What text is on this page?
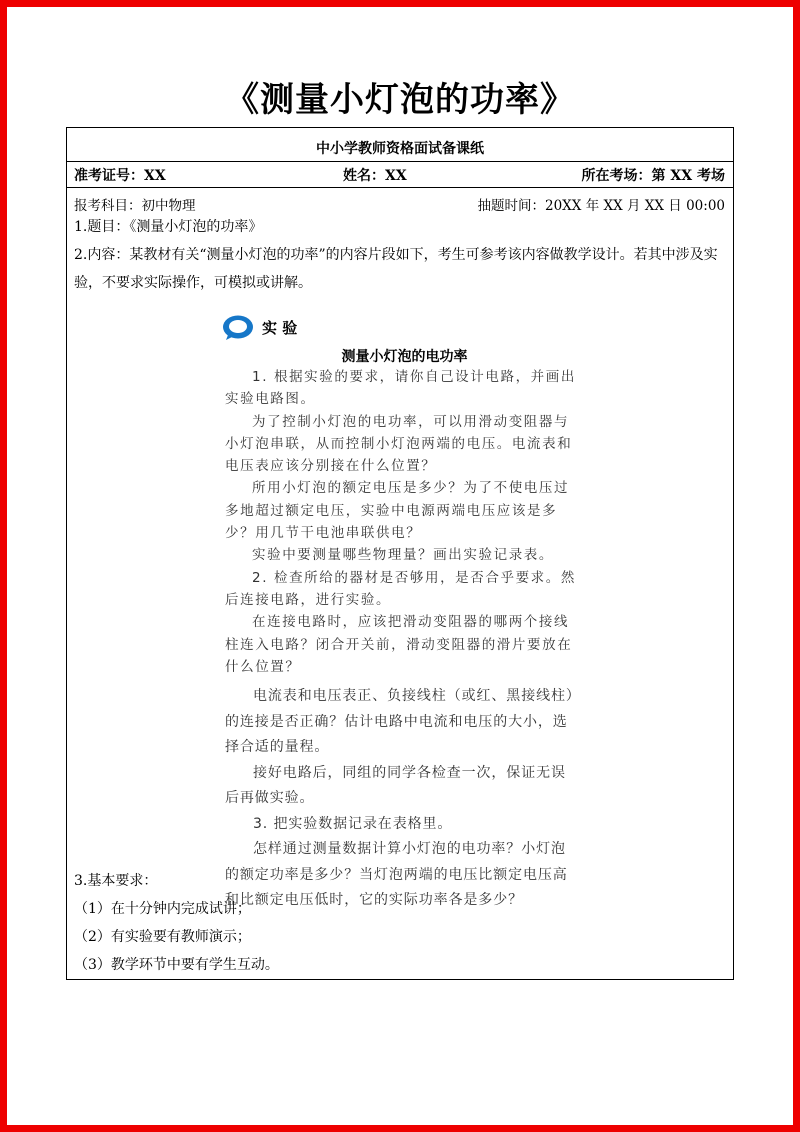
《测量小灯泡的功率》
中小学教师资格面试备课纸
准考证号：XX	姓名：XX	所在考场：第 XX 考场
报考科目：初中物理	抽题时间：20XX 年 XX 月 XX 日 00:00
1.题目：《测量小灯泡的功率》
2.内容：某教材有关“测量小灯泡的功率”的内容片段如下，考生可参考该内容做教学设计。若其中涉及实验，不要求实际操作，可模拟或讲解。
实 验
测量小灯泡的电功率

1. 根据实验的要求，请你自己设计电路，并画出实验电路图。

为了控制小灯泡的电功率，可以用滑动变阻器与小灯泡串联，从而控制小灯泡两端的电压。电流表和电压表应该分别接在什么位置？

所用小灯泡的额定电压是多少？为了不使电压过多地超过额定电压，实验中电源两端电压应该是多少？用几节干电池串联供电？

实验中要测量哪些物理量？画出实验记录表。

2. 检查所给的器材是否够用，是否合乎要求。然后连接电路，进行实验。

在连接电路时，应该把滑动变阻器的哪两个接线柱连入电路？闭合开关前，滑动变阻器的滑片要放在什么位置？

电流表和电压表正、负接线柱（或红、黑接线柱）的连接是否正确？估计电路中电流和电压的大小，选择合适的量程。

接好电路后，同组的同学各检查一次，保证无误后再做实验。

3. 把实验数据记录在表格里。

怎样通过测量数据计算小灯泡的电功率？小灯泡的额定功率是多少？当灯泡两端的电压比额定电压高和比额定电压低时，它的实际功率各是多少？

3.基本要求：
（1）在十分钟内完成试讲；
（2）有实验要有教师演示；
（3）教学环节中要有学生互动。
